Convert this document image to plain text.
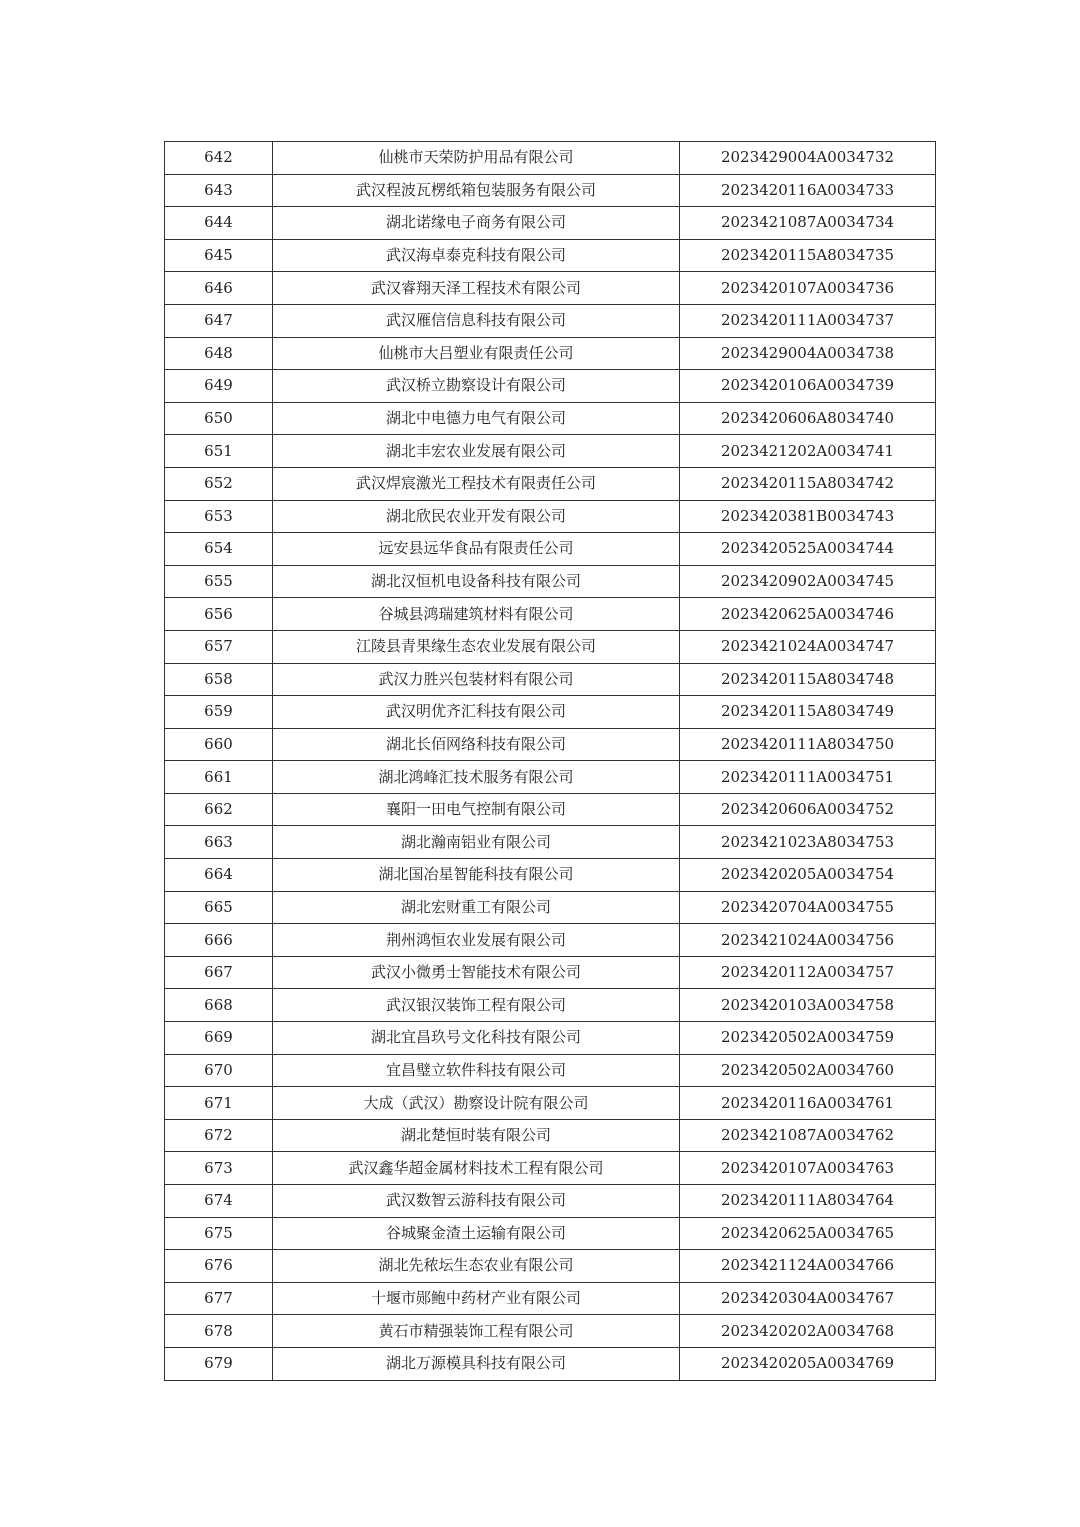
642	仙桃市天荣防护用品有限公司	2023429004A0034732
643	武汉程波瓦楞纸箱包装服务有限公司	2023420116A0034733
644	湖北诺缘电子商务有限公司	2023421087A0034734
645	武汉海卓泰克科技有限公司	2023420115A8034735
646	武汉睿翔天泽工程技术有限公司	2023420107A0034736
647	武汉雁信信息科技有限公司	2023420111A0034737
648	仙桃市大吕塑业有限责任公司	2023429004A0034738
649	武汉桥立勘察设计有限公司	2023420106A0034739
650	湖北中电德力电气有限公司	2023420606A8034740
651	湖北丰宏农业发展有限公司	2023421202A0034741
652	武汉焊宸激光工程技术有限责任公司	2023420115A8034742
653	湖北欣民农业开发有限公司	2023420381B0034743
654	远安县远华食品有限责任公司	2023420525A0034744
655	湖北汉恒机电设备科技有限公司	2023420902A0034745
656	谷城县鸿瑞建筑材料有限公司	2023420625A0034746
657	江陵县青果缘生态农业发展有限公司	2023421024A0034747
658	武汉力胜兴包装材料有限公司	2023420115A8034748
659	武汉明优齐汇科技有限公司	2023420115A8034749
660	湖北长佰网络科技有限公司	2023420111A8034750
661	湖北鸿峰汇技术服务有限公司	2023420111A0034751
662	襄阳一田电气控制有限公司	2023420606A0034752
663	湖北瀚南铝业有限公司	2023421023A8034753
664	湖北国冶星智能科技有限公司	2023420205A0034754
665	湖北宏财重工有限公司	2023420704A0034755
666	荆州鸿恒农业发展有限公司	2023421024A0034756
667	武汉小微勇士智能技术有限公司	2023420112A0034757
668	武汉银汉装饰工程有限公司	2023420103A0034758
669	湖北宜昌玖号文化科技有限公司	2023420502A0034759
670	宜昌璧立软件科技有限公司	2023420502A0034760
671	大成（武汉）勘察设计院有限公司	2023420116A0034761
672	湖北楚恒时装有限公司	2023421087A0034762
673	武汉鑫华超金属材料技术工程有限公司	2023420107A0034763
674	武汉数智云游科技有限公司	2023420111A8034764
675	谷城聚金渣土运输有限公司	2023420625A0034765
676	湖北先秾坛生态农业有限公司	2023421124A0034766
677	十堰市郧鲍中药材产业有限公司	2023420304A0034767
678	黄石市精强装饰工程有限公司	2023420202A0034768
679	湖北万源模具科技有限公司	2023420205A0034769
